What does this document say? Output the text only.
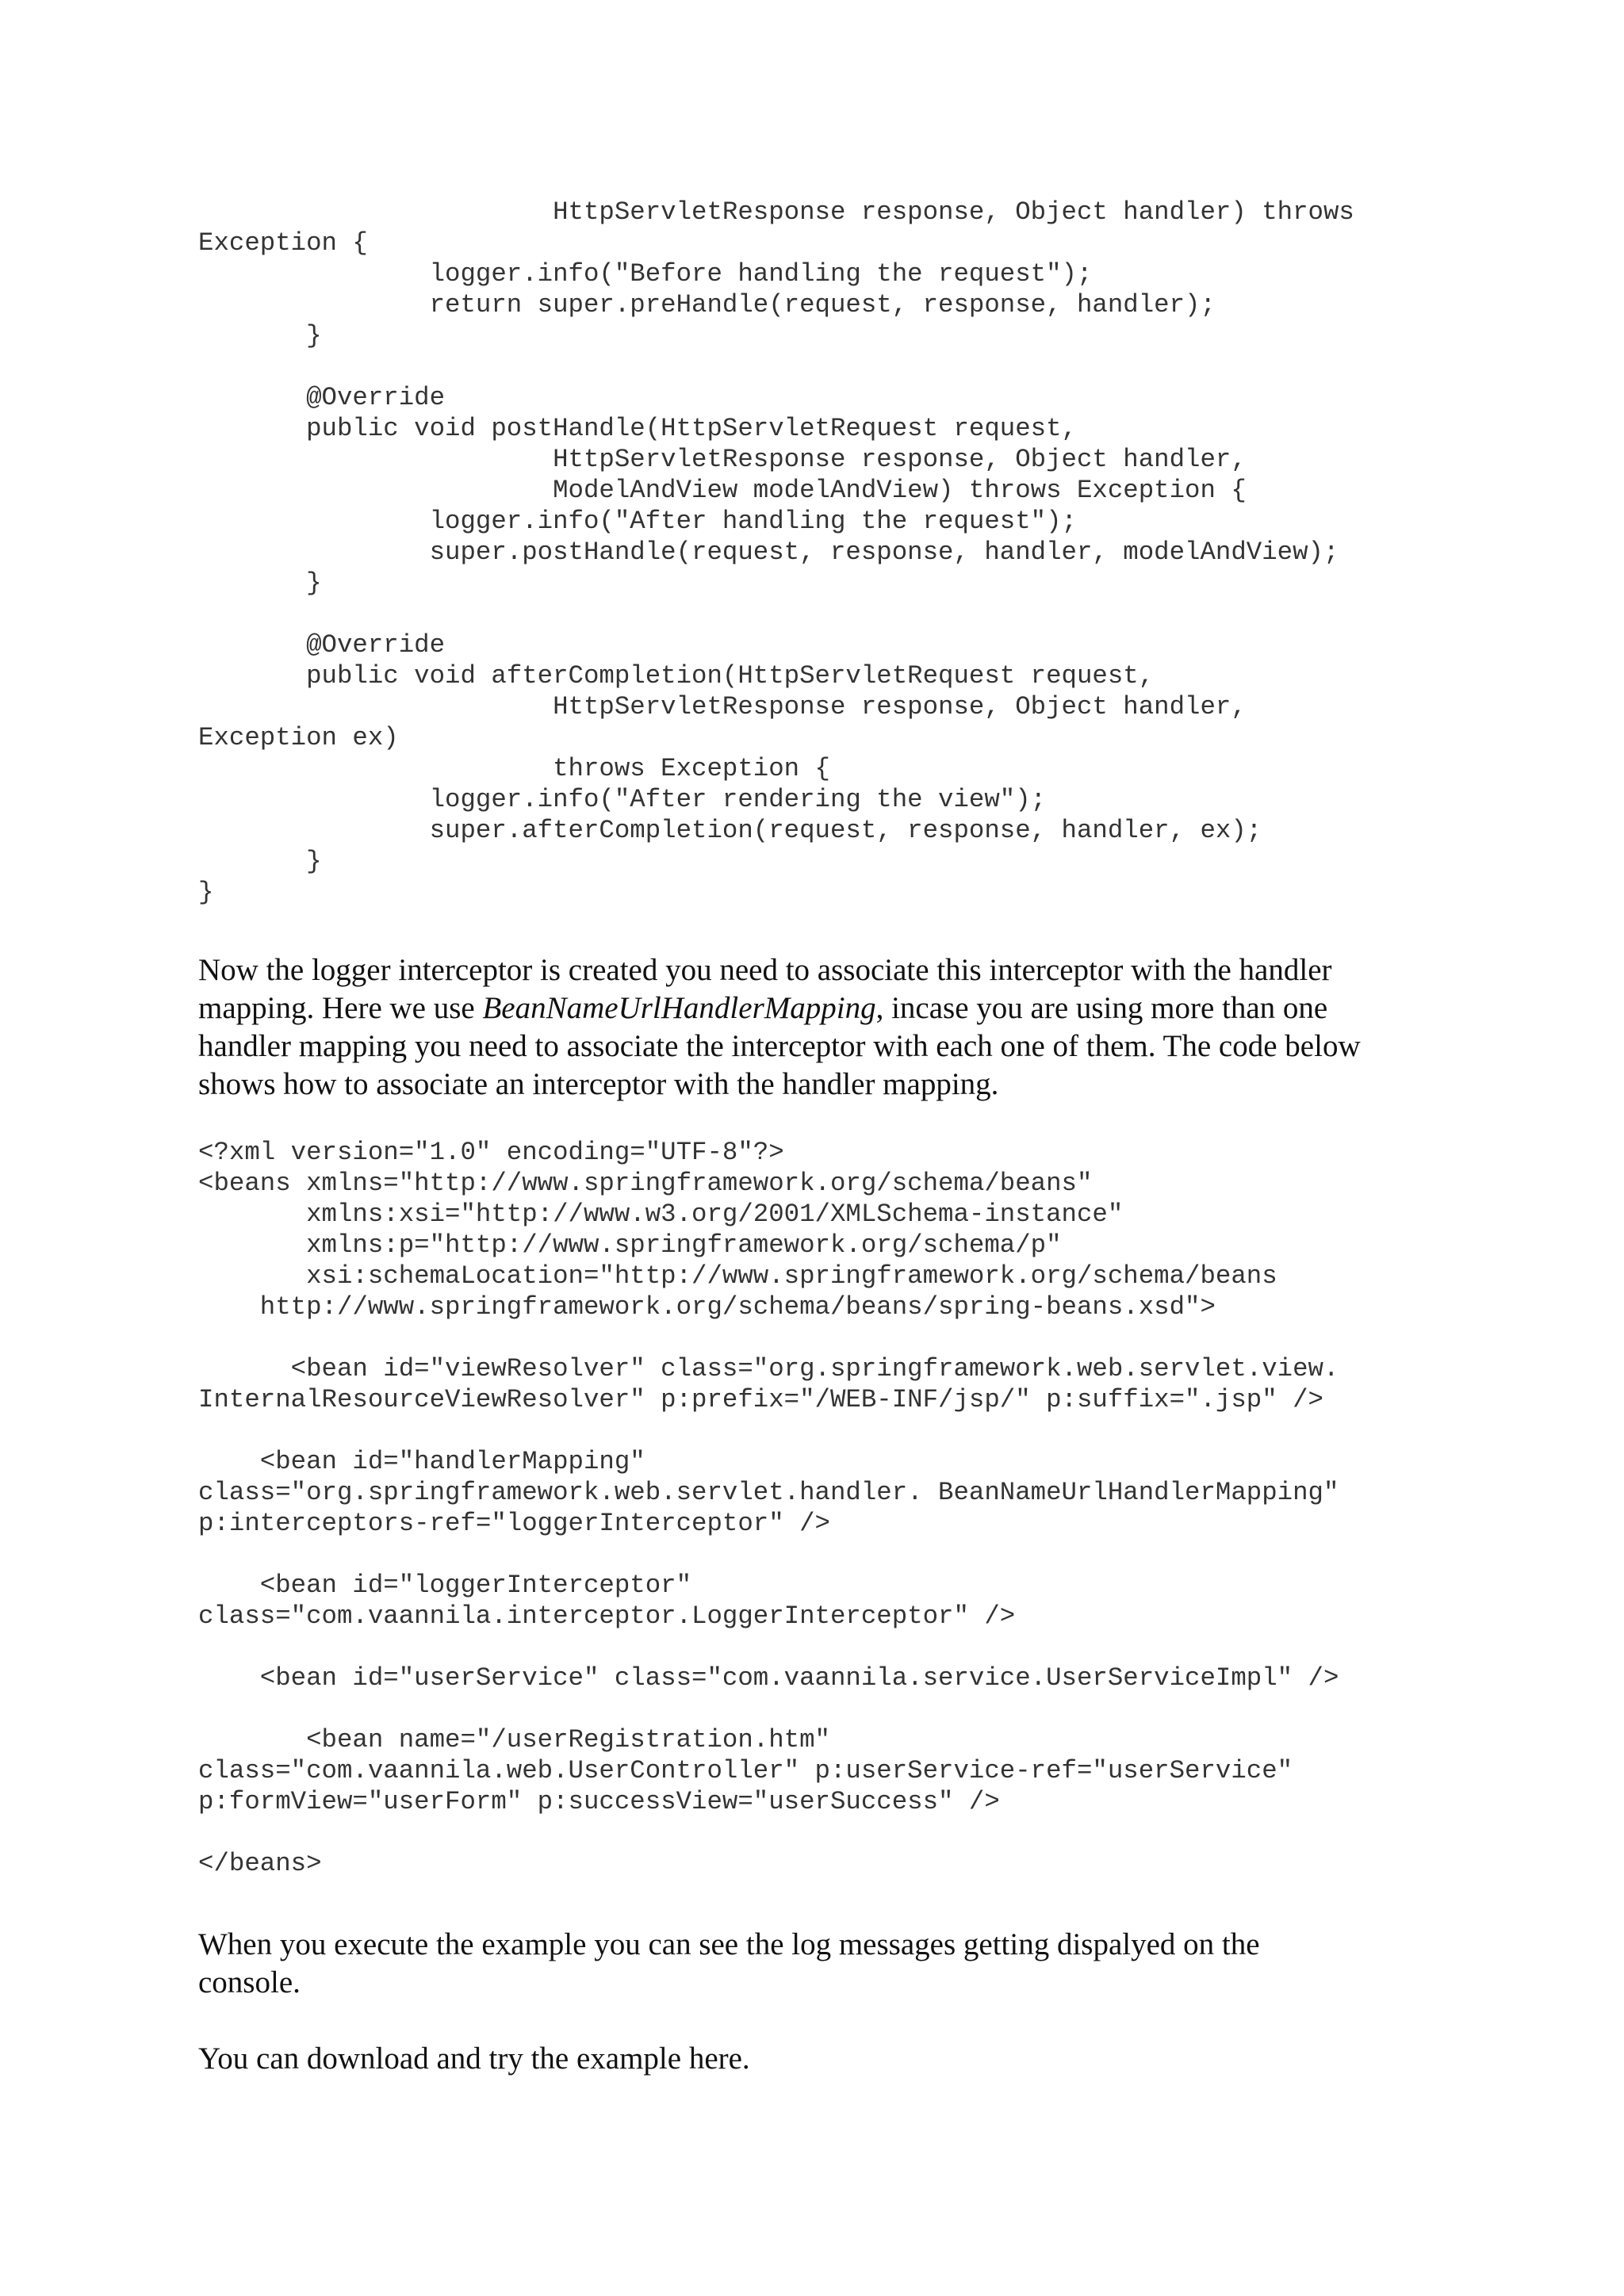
HttpServletResponse response, Object handler) throws
Exception {
logger.info("Before handling the request");
return super.preHandle(request, response, handler);
}
@Override
public void postHandle(HttpServletRequest request,
HttpServletResponse response, Object handler,
ModelAndView modelAndView) throws Exception {
logger.info("After handling the request");
super.postHandle(request, response, handler, modelAndView);
}
@Override
public void afterCompletion(HttpServletRequest request,
HttpServletResponse response, Object handler,
Exception ex)
throws Exception {
logger.info("After rendering the view");
super.afterCompletion(request, response, handler, ex);
}
}

Now the logger interceptor is created you need to associate this interceptor with the handler
mapping. Here we use BeanNameUrlHandlerMapping, incase you are using more than one
handler mapping you need to associate the interceptor with each one of them. The code below
shows how to associate an interceptor with the handler mapping.

<?xml version="1.0" encoding="UTF-8"?>
<beans xmlns="http://www.springframework.org/schema/beans"
xmlns:xsi="http://www.w3.org/2001/XMLSchema-instance"
xmlns:p="http://www.springframework.org/schema/p"
xsi:schemaLocation="http://www.springframework.org/schema/beans
http://www.springframework.org/schema/beans/spring-beans.xsd">
<bean id="viewResolver" class="org.springframework.web.servlet.view.
InternalResourceViewResolver" p:prefix="/WEB-INF/jsp/" p:suffix=".jsp" />
<bean id="handlerMapping"
class="org.springframework.web.servlet.handler. BeanNameUrlHandlerMapping"
p:interceptors-ref="loggerInterceptor" />
<bean id="loggerInterceptor"
class="com.vaannila.interceptor.LoggerInterceptor" />
<bean id="userService" class="com.vaannila.service.UserServiceImpl" />
<bean name="/userRegistration.htm"
class="com.vaannila.web.UserController" p:userService-ref="userService"
p:formView="userForm" p:successView="userSuccess" />
</beans>

When you execute the example you can see the log messages getting dispalyed on the
console.

You can download and try the example here.
